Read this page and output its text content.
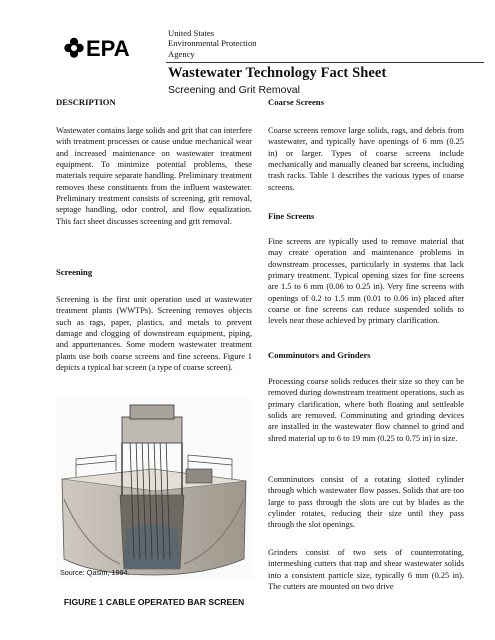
EPA
United States
Environmental Protection
Agency
Wastewater Technology Fact Sheet
Screening and Grit Removal

DESCRIPTION

Wastewater contains large solids and grit that can interfere with treatment processes or cause undue mechanical wear and increased maintenance on wastewater treatment equipment. To minimize potential problems, these materials require separate handling. Preliminary treatment removes these constituents from the influent wastewater. Preliminary treatment consists of screening, grit removal, septage handling, odor control, and flow equalization. This fact sheet discusses screening and grit removal.
Screening
Screening is the first unit operation used at wastewater treatment plants (WWTPs). Screening removes objects such as rags, paper, plastics, and metals to prevent damage and clogging of downstream equipment, piping, and appurtenances. Some modern wastewater treatment plants use both coarse screens and fine screens. Figure 1 depicts a typical bar screen (a type of coarse screen).
Source: Qasim, 1994.
FIGURE 1 CABLE OPERATED BAR SCREEN
Coarse Screens
Coarse screens remove large solids, rags, and debris from wastewater, and typically have openings of 6 mm (0.25 in) or larger. Types of coarse screens include mechanically and manually cleaned bar screens, including trash racks. Table 1 describes the various types of coarse screens.
Fine Screens
Fine screens are typically used to remove material that may create operation and maintenance problems in downstream processes, particularly in systems that lack primary treatment. Typical opening sizes for fine screens are 1.5 to 6 mm (0.06 to 0.25 in). Very fine screens with openings of 0.2 to 1.5 mm (0.01 to 0.06 in) placed after coarse or fine screens can reduce suspended solids to levels near those achieved by primary clarification.
Comminutors and Grinders
Processing coarse solids reduces their size so they can be removed during downstream treatment operations, such as primary clarification, where both floating and settleable solids are removed. Comminuting and grinding devices are installed in the wastewater flow channel to grind and shred material up to 6 to 19 mm (0.25 to 0.75 in) in size.
Comminutors consist of a rotating slotted cylinder through which wastewater flow passes. Solids that are too large to pass through the slots are cut by blades as the cylinder rotates, reducing their size until they pass through the slot openings.
Grinders consist of two sets of counterrotating, intermeshing cutters that trap and shear wastewater solids into a consistent particle size, typically 6 mm (0.25 in). The cutters are mounted on two drive
